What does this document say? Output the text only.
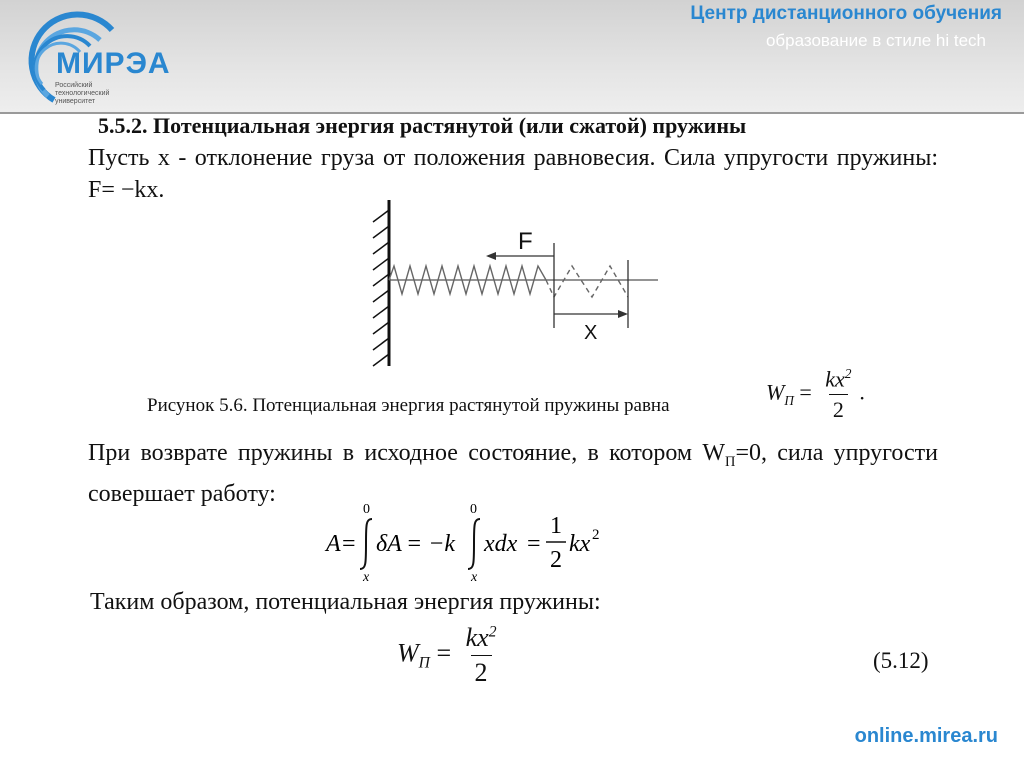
МИРЭА
Российский
технологический
университет
Центр дистанционного обучения
образование в стиле hi tech
5.5.2. Потенциальная энергия растянутой (или сжатой) пружины
Пусть x - отклонение груза от положения равновесия. Сила упругости пружины: F= −kx.
F
X
Рисунок 5.6. Потенциальная энергия растянутой пружины равна
$W_П = \frac{kx^2}{2}$ .
При возврате пружины в исходное состояние, в котором $W_П=0$, сила упругости совершает работу:
A =
0
x
δA = −k
0
x
xdx =
1
2
kx 2
Таким образом, потенциальная энергия пружины:
$W_П = \frac{kx^2}{2}$	(5.12)
online.mirea.ru
